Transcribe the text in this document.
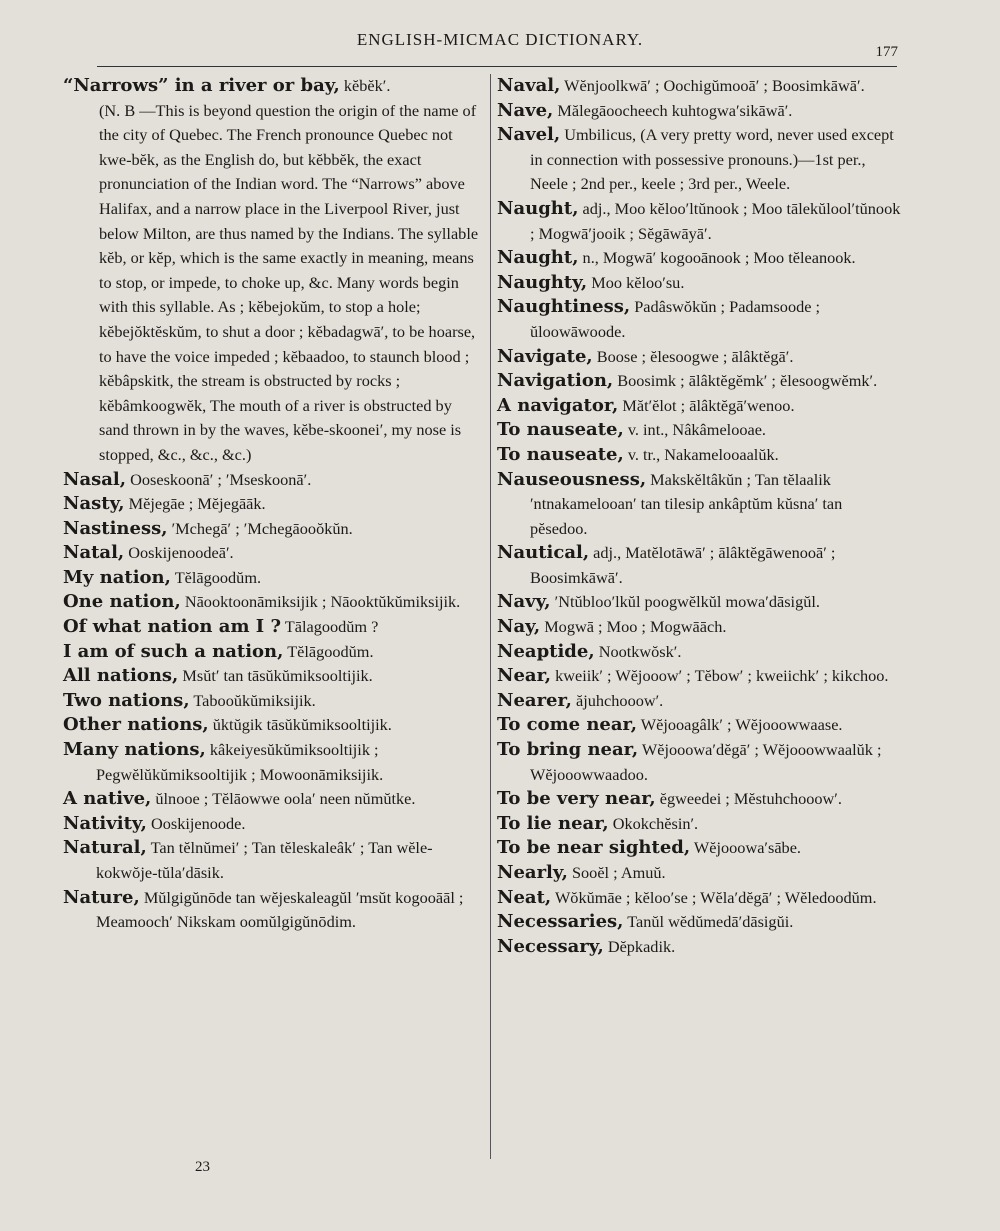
ENGLISH-MICMAC DICTIONARY.
177

“Narrows” in a river or bay, kĕbĕk′.
(N. B —This is beyond question the origin of the name of the city of Quebec. The French pronounce Quebec not kwe-bĕk, as the English do, but kĕbbĕk, the exact pronunciation of the Indian word. The “Narrows” above Halifax, and a narrow place in the Liverpool River, just below Milton, are thus named by the Indians. The syllable kĕb, or kĕp, which is the same exactly in meaning, means to stop, or impede, to choke up, &c. Many words begin with this syllable. As ; kĕbejokŭm, to stop a hole; kĕbejŏktĕskŭm, to shut a door ; kĕbadagwā′, to be hoarse, to have the voice impeded ; kĕbaadoo, to staunch blood ; kĕbâpskitk, the stream is obstructed by rocks ; kĕbâmkoogwĕk, The mouth of a river is obstructed by sand thrown in by the waves, kĕbe-skoonei′, my nose is stopped, &c., &c., &c.)

Nasal, Ooseskoonā′ ; ′Mseskoonā′.

Nasty, Mĕjegāe ; Mĕjegāāk.

Nastiness, ′Mchegā′ ; ′Mchegāooŏkŭn.

Natal, Ooskijenoodeā′.

My nation, Tĕlāgoodŭm.

One nation, Nāooktoonāmiksijik ; Nāooktŭkŭmiksijik.

Of what nation am I ? Tālagoodŭm ?

I am of such a nation, Tĕlāgoodŭm.

All nations, Msŭt′ tan tāsŭkŭmiksooltijik.

Two nations, Tabooŭkŭmiksijik.

Other nations, ŭktŭgik tāsŭkŭmiksooltijik.

Many nations, kâkeiyesŭkŭmiksooltijik ; Pegwĕlŭkŭmiksooltijik ; Mowoonāmiksijik.

A native, ŭlnooe ; Tĕlāowwe oola′ neen nŭmŭtke.

Nativity, Ooskijenoode.

Natural, Tan tĕlnŭmei′ ; Tan tĕleskaleâk′ ; Tan wĕle-kokwŏje-tŭla′dāsik.

Nature, Mŭlgigŭnōde tan wĕjeskaleagŭl ′msŭt kogooāāl ; Meamooch′ Nikskam oomŭlgigŭnōdim.

Naval, Wĕnjoolkwā′ ; Oochigŭmooā′ ; Boosimkāwā′.

Nave, Mălegāoocheech kuhtogwa′sikāwā′.

Navel, Umbilicus, (A very pretty word, never used except in connection with possessive pronouns.)—1st per., Neele ; 2nd per., keele ; 3rd per., Weele.

Naught, adj., Moo kĕloo′ltŭnook ; Moo tālekŭlool′tŭnook ; Mogwā′jooik ; Sĕgāwāyā′.

Naught, n., Mogwā′ kogooānook ; Moo tĕleanook.

Naughty, Moo kĕloo′su.

Naughtiness, Padâswŏkŭn ; Padamsoode ; ŭloowāwoode.

Navigate, Boose ; ĕlesoogwe ; ālâktĕgā′.

Navigation, Boosimk ; ālâktĕgĕmk′ ; ĕlesoogwĕmk′.

A navigator, Măt′ĕlot ; ālâktĕgā′wenoo.

To nauseate, v. int., Nâkâmelooae.

To nauseate, v. tr., Nakamelooaalŭk.

Nauseousness, Makskĕltâkŭn ; Tan tĕlaalik ′ntnakamelooan′ tan tilesip ankâptŭm kŭsna′ tan pĕsedoo.

Nautical, adj., Matĕlotāwā′ ; ālâktĕgāwenooā′ ; Boosimkāwā′.

Navy, ′Ntŭbloo′lkŭl poogwĕlkŭl mowa′dāsigŭl.

Nay, Mogwā ; Moo ; Mogwāāch.

Neaptide, Nootkwŏsk′.

Near, kweiik′ ; Wĕjooow′ ; Tĕbow′ ; kweiichk′ ; kikchoo.

Nearer, ăjuhchooow′.

To come near, Wĕjooagâlk′ ; Wĕjooowwaase.

To bring near, Wĕjooowa′dĕgā′ ; Wĕjooowwaalŭk ; Wĕjooowwaadoo.

To be very near, ĕgweedei ; Mĕstuhchooow′.

To lie near, Okokchĕsin′.

To be near sighted, Wĕjooowa′sābe.

Nearly, Sooĕl ; Amuŭ.

Neat, Wŏkŭmāe ; kĕloo′se ; Wĕla′dĕgā′ ; Wĕledoodŭm.

Necessaries, Tanŭl wĕdŭmedā′dāsigŭi.

Necessary, Dĕpkadik.

23
